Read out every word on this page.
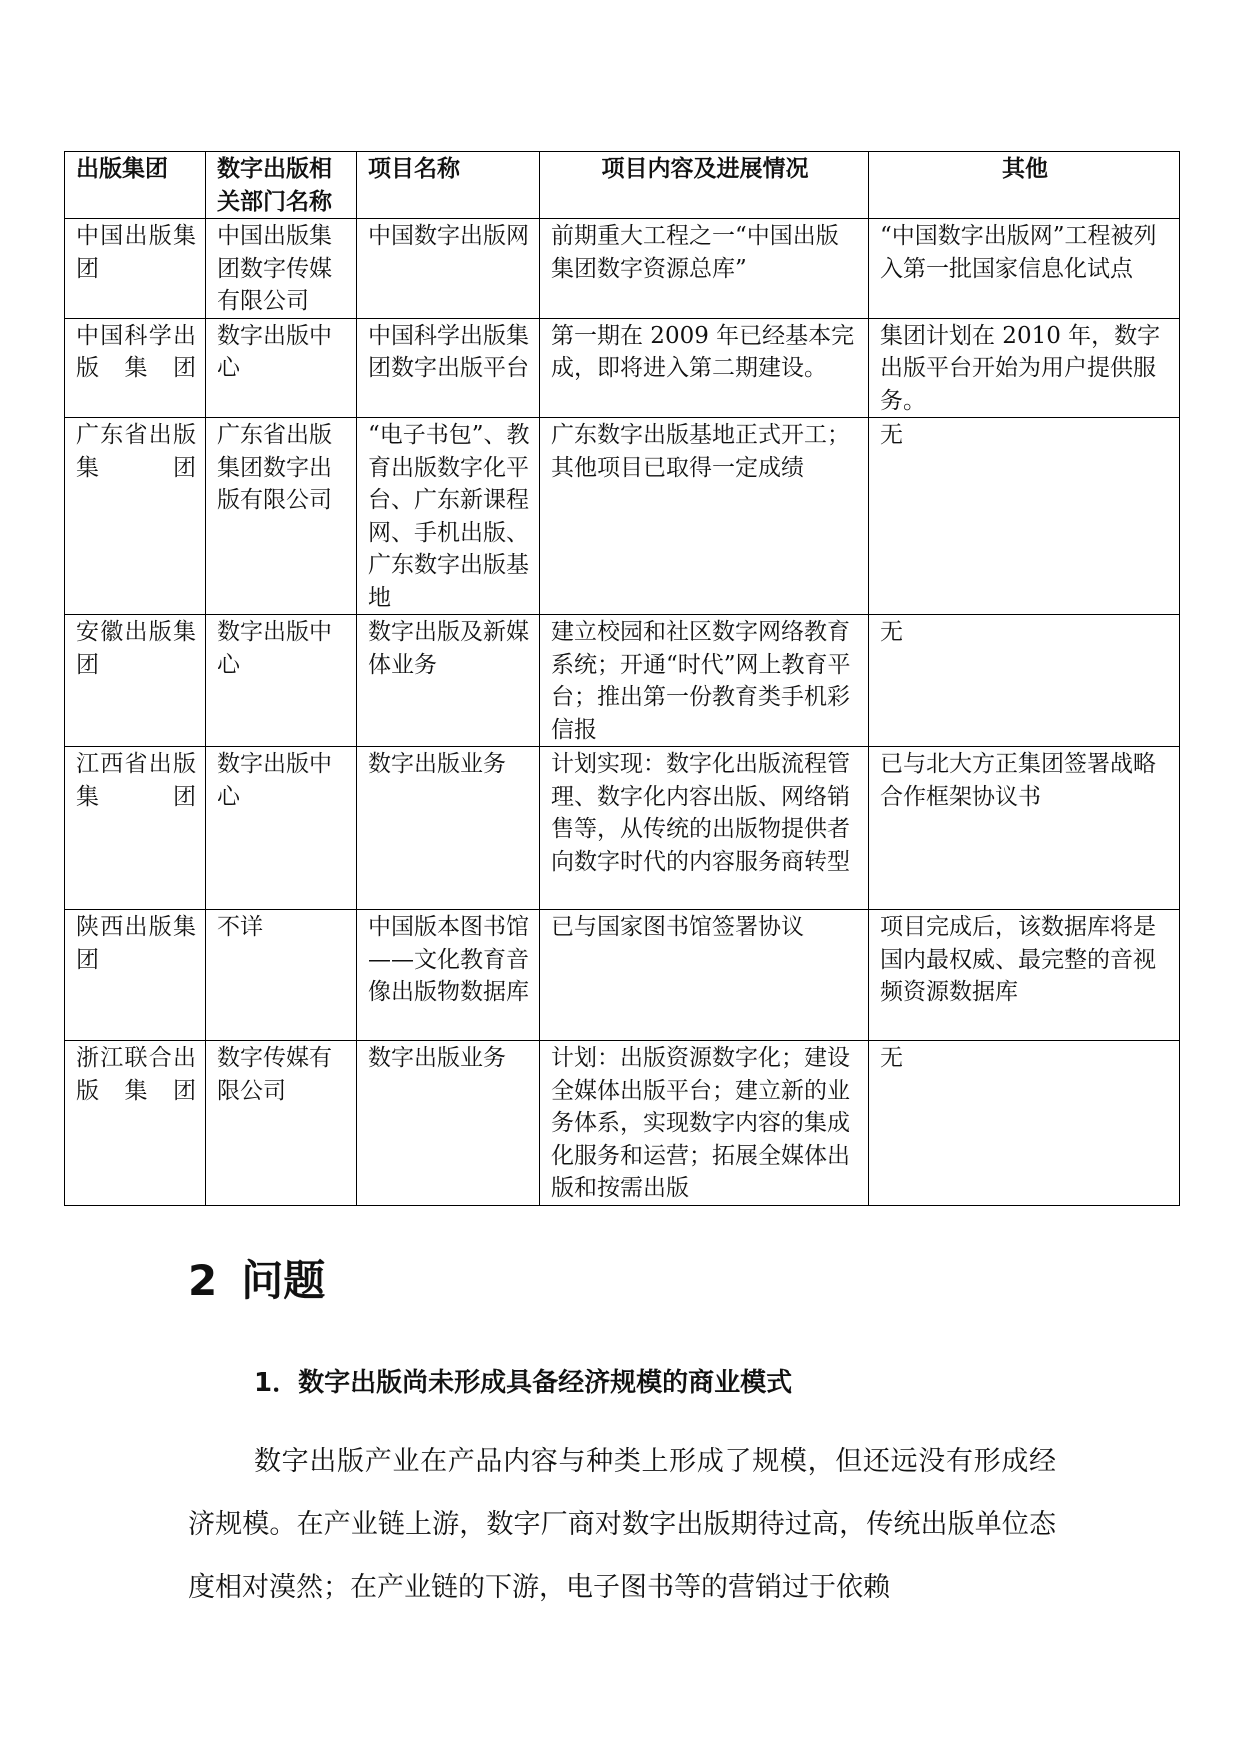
出版集团	数字出版相关部门名称	项目名称	项目内容及进展情况	其他
中国出版集团	中国出版集团数字传媒有限公司	中国数字出版网	前期重大工程之一“中国出版集团数字资源总库”	“中国数字出版网”工程被列入第一批国家信息化试点
中国科学出版集团	数字出版中心	中国科学出版集团数字出版平台	第一期在 2009 年已经基本完成，即将进入第二期建设。	集团计划在 2010 年，数字出版平台开始为用户提供服务。
广东省出版集团	广东省出版集团数字出版有限公司	“电子书包”、教育出版数字化平台、广东新课程网、手机出版、广东数字出版基地	广东数字出版基地正式开工；其他项目已取得一定成绩	无
安徽出版集团	数字出版中心	数字出版及新媒体业务	建立校园和社区数字网络教育系统；开通“时代”网上教育平台；推出第一份教育类手机彩信报	无
江西省出版集团	数字出版中心	数字出版业务	计划实现：数字化出版流程管理、数字化内容出版、网络销售等，从传统的出版物提供者向数字时代的内容服务商转型	已与北大方正集团签署战略合作框架协议书
陕西出版集团	不详	中国版本图书馆——文化教育音像出版物数据库	已与国家图书馆签署协议	项目完成后，该数据库将是国内最权威、最完整的音视频资源数据库
浙江联合出版集团	数字传媒有限公司	数字出版业务	计划：出版资源数字化；建设全媒体出版平台；建立新的业务体系，实现数字内容的集成化服务和运营；拓展全媒体出版和按需出版	无
2 问题
1．数字出版尚未形成具备经济规模的商业模式

数字出版产业在产品内容与种类上形成了规模，但还远没有形成经济规模。在产业链上游，数字厂商对数字出版期待过高，传统出版单位态度相对漠然；在产业链的下游，电子图书等的营销过于依赖
